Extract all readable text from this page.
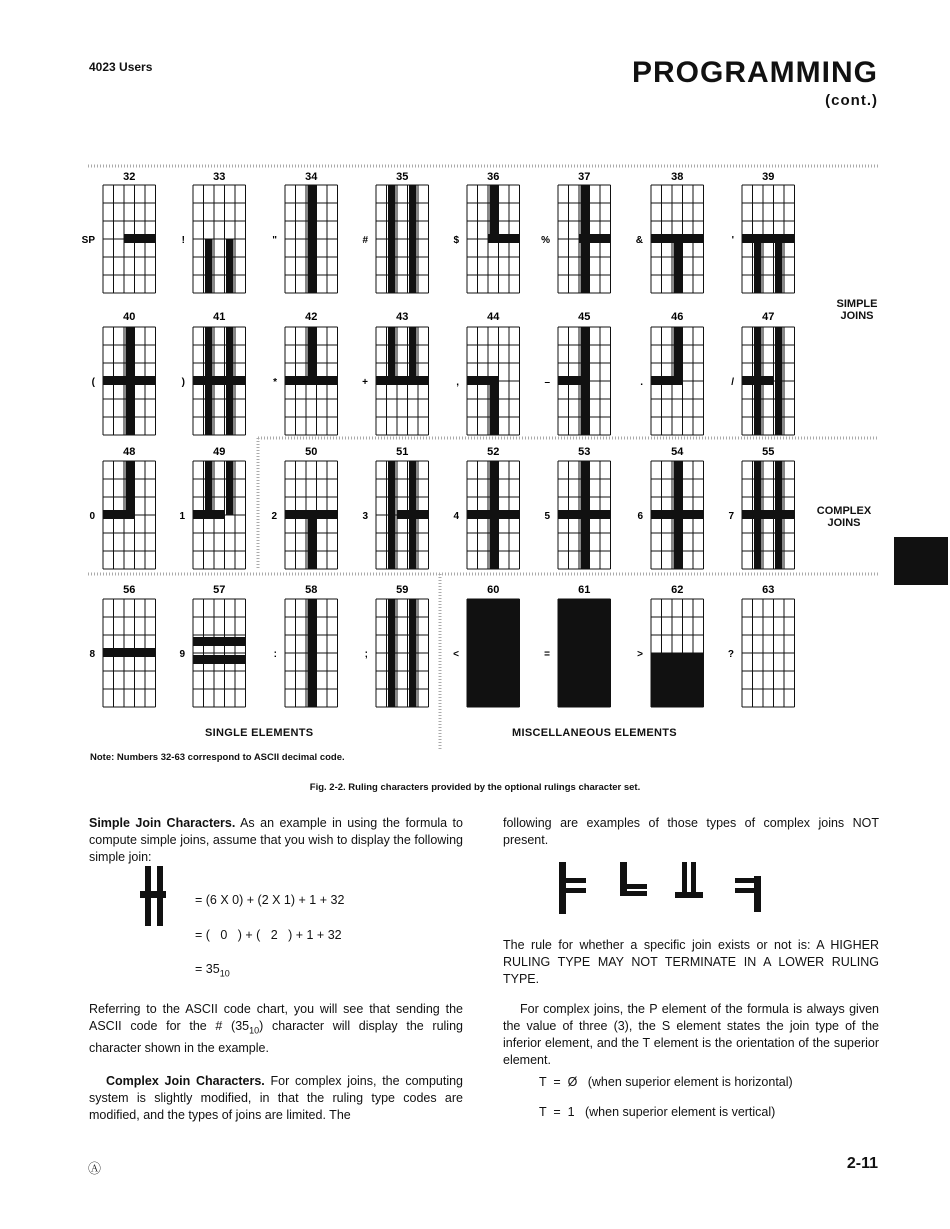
4023 Users	PROGRAMMING
(cont.)
32
SP
33
!
34
"
35
#
36
$
37
%
38
&
39
'
40
(
41
)
42
*
43
+
44
,
45
–
46
.
47
/
48
0
49
1
50
2
51
3
52
4
53
5
54
6
55
7
56
8
57
9
58
:
59
;
60
<
61
=
62
>
63
?
SIMPLE
JOINS
COMPLEX
JOINS
SINGLE ELEMENTS	MISCELLANEOUS ELEMENTS
Note: Numbers 32-63 correspond to ASCII decimal code.
Fig. 2-2. Ruling characters provided by the optional rulings character set.

Simple Join Characters. As an example in using the formula to compute simple joins, assume that you wish to display the following simple join:

= (6 X 0) + (2 X 1) + 1 + 32
= (   0   ) + (   2   ) + 1 + 32
= $35_{10}$

Referring to the ASCII code chart, you will see that sending the ASCII code for the # $(35_{10})$ character will display the ruling character shown in the example.

Complex Join Characters. For complex joins, the computing system is slightly modified, in that the ruling type codes are modified, and the types of joins are limited. The

following are examples of those types of complex joins NOT present.

The rule for whether a specific join exists or not is: A HIGHER RULING TYPE MAY NOT TERMINATE IN A LOWER RULING TYPE.

For complex joins, the P element of the formula is always given the value of three (3), the S element states the join type of the inferior element, and the T element is the orientation of the superior element.

T  =  Ø   (when superior element is horizontal)
T  =  1   (when superior element is vertical)
Ⓐ	2-11
